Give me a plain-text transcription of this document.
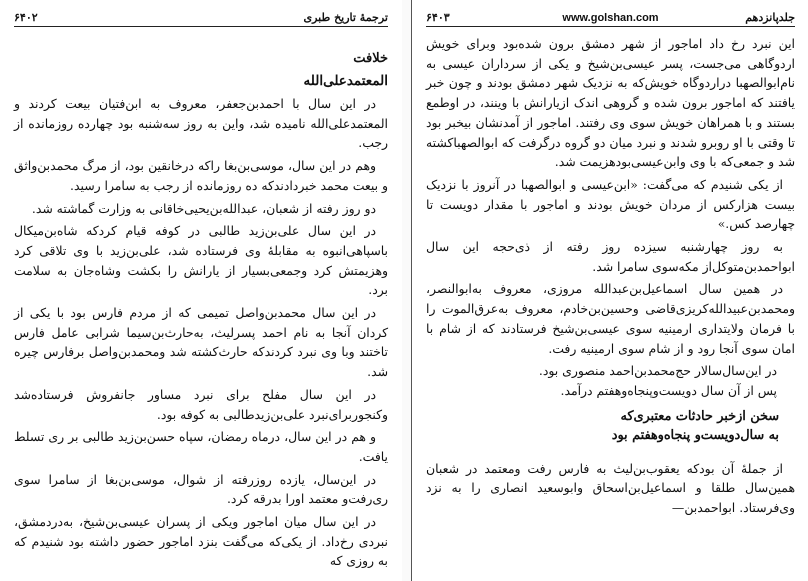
۶۴۰۲	ترجمهٔ تاریخ طبری

خلافت

المعتمدعلی‌الله

در این سال با احمدبن‌جعفر، معروف به ابن‌فتیان بیعت کردند و المعتمدعلی‌الله نامیده شد، واین به روز سه‌شنبه بود چهارده روزمانده از رجب.

وهم در این سال، موسی‌بن‌بغا راکه درخانقین بود، از مرگ محمدبن‌واثق و بیعت محمد خبردادندکه ده روزمانده از رجب به سامرا رسید.

دو روز رفته از شعبان، عبدالله‌بن‌یحیی‌خاقانی به وزارت گماشته شد.

در این سال علی‌بن‌زید طالبی در کوفه قیام کردکه شاه‌بن‌میکال باسپاهی‌انبوه به مقابلهٔ وی فرستاده شد، علی‌بن‌زید با وی تلاقی کرد وهزیمتش کرد وجمعی‌بسیار از یارانش را بکشت وشاه‌جان به سلامت برد.

در این سال محمدبن‌واصل تمیمی که از مردم فارس بود با یکی از کردان آنجا به نام احمد پسرلیث، به‌حارث‌بن‌سیما شرابی عامل فارس تاختند وبا وی نبرد کردندکه حارث‌کشته شد ومحمدبن‌واصل برفارس چیره شد.

در این سال مفلح برای نبرد مساور جانفروش فرستاده‌شد وکنجوربرای‌نبرد علی‌بن‌زیدطالبی به کوفه بود.

و هم در این سال، درماه رمضان، سپاه حسن‌بن‌زید طالبی بر ری تسلط یافت.

در این‌سال، یازده روزرفته از شوال، موسی‌بن‌بغا از سامرا سوی ری‌رفت‌و معتمد اورا بدرقه کرد.

در این سال میان اماجور ویکی از پسران عیسی‌بن‌شیخ، به‌دردمشق، نبردی رخ‌داد. از یکی‌که می‌گفت بنزد اماجور حضور داشته بود شنیدم که به روزی که

۶۴۰۳	www.golshan.com	جلدپانزدهم

این نبرد رخ داد اماجور از شهر دمشق برون شده‌بود وبرای خویش اردوگاهی می‌جست، پسر عیسی‌بن‌شیخ و یکی از سرداران عیسی به نام‌ابوالصهبا دراردوگاه خویش‌که به نزدیک شهر دمشق بودند و چون خبر یافتند که اماجور برون شده و گروهی اندک ازیارانش با وینند، در اوطمع بستند و با همراهان خویش سوی وی رفتند. اماجور از آمدنشان بیخبر بود تا وقتی با او روبرو شدند و نبرد میان دو گروه درگرفت که ابوالصهباکشته شد و جمعی‌که با وی وابن‌عیسی‌بودهزیمت شد.

از یکی شنیدم که می‌گفت: «ابن‌عیسی و ابوالصهبا در آنروز با نزدیک بیست هزارکس از مردان خویش بودند و اماجور با مقدار دویست تا چهارصد کس.»

به روز چهارشنبه سیزده روز رفته از ذی‌حجه این سال ابواحمدبن‌متوکل‌از مکه‌سوی سامرا شد.

در همین سال اسماعیل‌بن‌عبدالله مروزی، معروف به‌ابوالنصر، ومحمدبن‌عبیدالله‌کریزی‌قاضی وحسین‌بن‌خادم، معروف به‌عرق‌الموت را با فرمان ولایتداری ارمینیه سوی عیسی‌بن‌شیخ فرستادند که از شام با امان سوی آنجا رود و از شام سوی ارمینیه رفت.

در این‌سال‌سالار حج‌محمدبن‌احمد منصوری بود.

پس از آن سال دویست‌وپنجاه‌وهفتم درآمد.

سخن ازخبر حادثات معتبری‌که
به سال‌دویست‌و پنجاه‌وهفتم بود

از جملهٔ آن بودکه یعقوب‌بن‌لیث به فارس رفت ومعتمد در شعبان همین‌سال طلقا و اسماعیل‌بن‌اسحاق وابوسعید انصاری را به نزد وی‌فرستاد. ابواحمدبن—
